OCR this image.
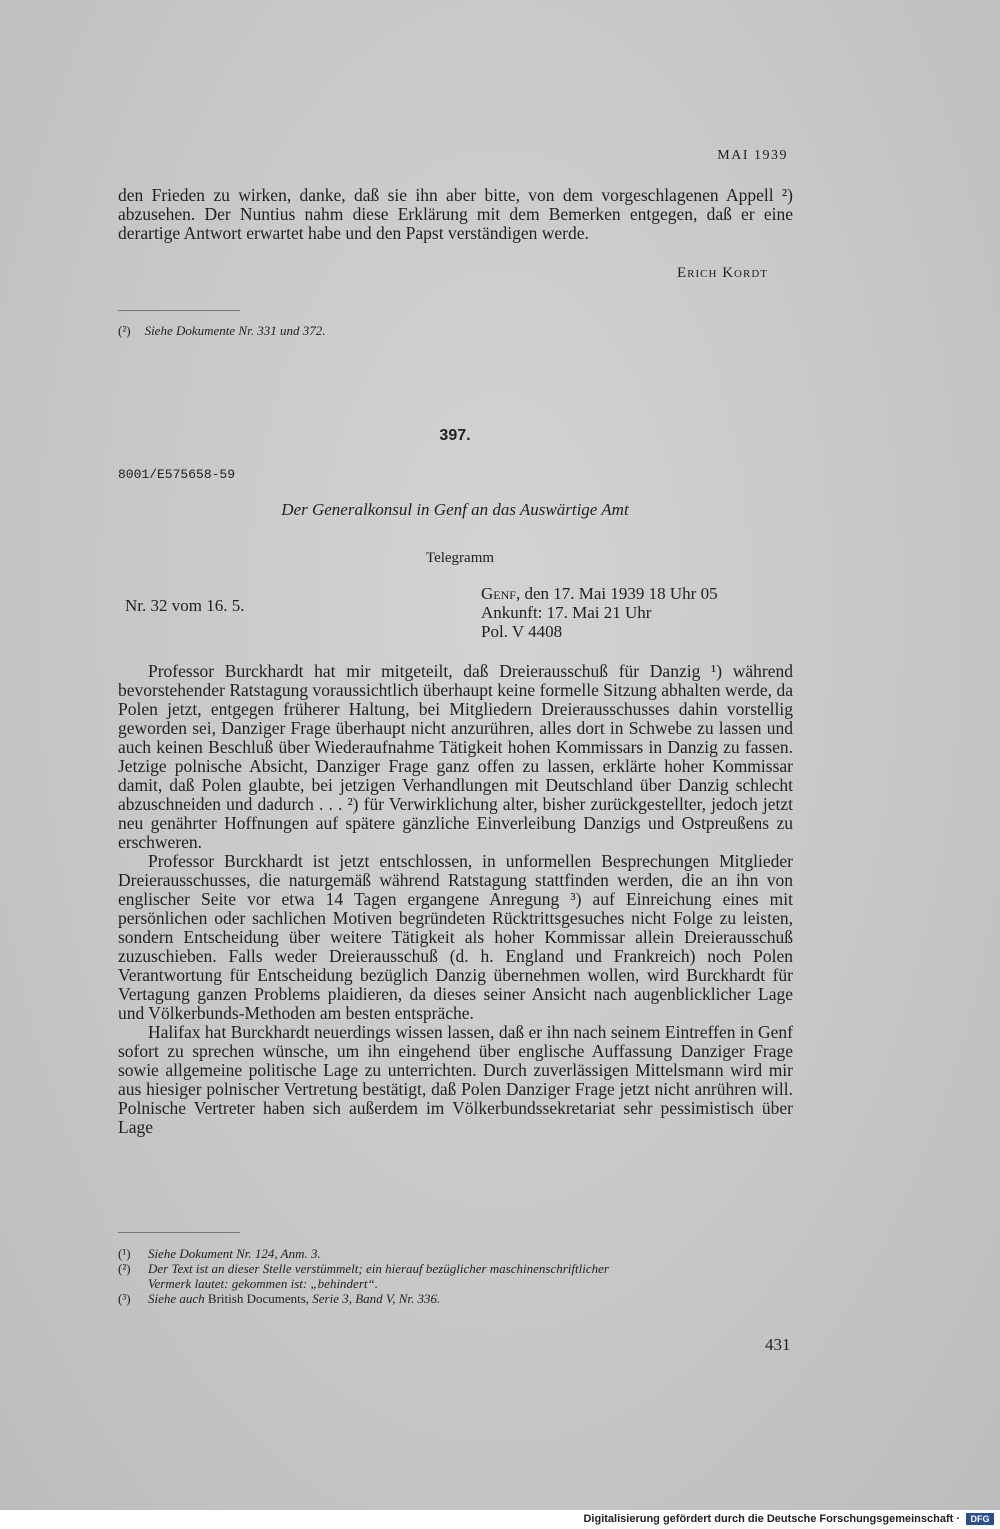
MAI 1939

den Frieden zu wirken, danke, daß sie ihn aber bitte, von dem vorgeschlagenen Appell ²) abzusehen. Der Nuntius nahm diese Erklärung mit dem Bemerken entgegen, daß er eine derartige Antwort erwartet habe und den Papst verständigen werde.

Erich Kordt
(²) Siehe Dokumente Nr. 331 und 372.
397.
8001/E575658-59
Der Generalkonsul in Genf an das Auswärtige Amt
Telegramm
Nr. 32 vom 16. 5.
Genf, den 17. Mai 1939 18 Uhr 05
Ankunft: 17. Mai 21 Uhr
Pol. V 4408

Professor Burckhardt hat mir mitgeteilt, daß Dreierausschuß für Danzig ¹) während bevorstehender Ratstagung voraussichtlich überhaupt keine formelle Sitzung abhalten werde, da Polen jetzt, entgegen früherer Haltung, bei Mitgliedern Dreierausschusses dahin vorstellig geworden sei, Danziger Frage überhaupt nicht anzurühren, alles dort in Schwebe zu lassen und auch keinen Beschluß über Wiederaufnahme Tätigkeit hohen Kommissars in Danzig zu fassen. Jetzige polnische Absicht, Danziger Frage ganz offen zu lassen, erklärte hoher Kommissar damit, daß Polen glaubte, bei jetzigen Verhandlungen mit Deutschland über Danzig schlecht abzuschneiden und dadurch . . . ²) für Verwirklichung alter, bisher zurückgestellter, jedoch jetzt neu genährter Hoffnungen auf spätere gänzliche Einverleibung Danzigs und Ostpreußens zu erschweren.

Professor Burckhardt ist jetzt entschlossen, in unformellen Besprechungen Mitglieder Dreierausschusses, die naturgemäß während Ratstagung stattfinden werden, die an ihn von englischer Seite vor etwa 14 Tagen ergangene Anregung ³) auf Einreichung eines mit persönlichen oder sachlichen Motiven begründeten Rücktrittsgesuches nicht Folge zu leisten, sondern Entscheidung über weitere Tätigkeit als hoher Kommissar allein Dreierausschuß zuzuschieben. Falls weder Dreierausschuß (d. h. England und Frankreich) noch Polen Verantwortung für Entscheidung bezüglich Danzig übernehmen wollen, wird Burckhardt für Vertagung ganzen Problems plaidieren, da dieses seiner Ansicht nach augenblicklicher Lage und Völkerbunds-Methoden am besten entspräche.

Halifax hat Burckhardt neuerdings wissen lassen, daß er ihn nach seinem Eintreffen in Genf sofort zu sprechen wünsche, um ihn eingehend über englische Auffassung Danziger Frage sowie allgemeine politische Lage zu unterrichten. Durch zuverlässigen Mittelsmann wird mir aus hiesiger polnischer Vertretung bestätigt, daß Polen Danziger Frage jetzt nicht anrühren will. Polnische Vertreter haben sich außerdem im Völkerbundssekretariat sehr pessimistisch über Lage

(¹)	Siehe Dokument Nr. 124, Anm. 3.
(²)	Der Text ist an dieser Stelle verstümmelt; ein hierauf bezüglicher maschinenschriftlicher
Vermerk lautet: gekommen ist: „behindert“.
(³)	Siehe auch British Documents, Serie 3, Band V, Nr. 336.
431
Digitalisierung gefördert durch die Deutsche Forschungsgemeinschaft ·	DFG
